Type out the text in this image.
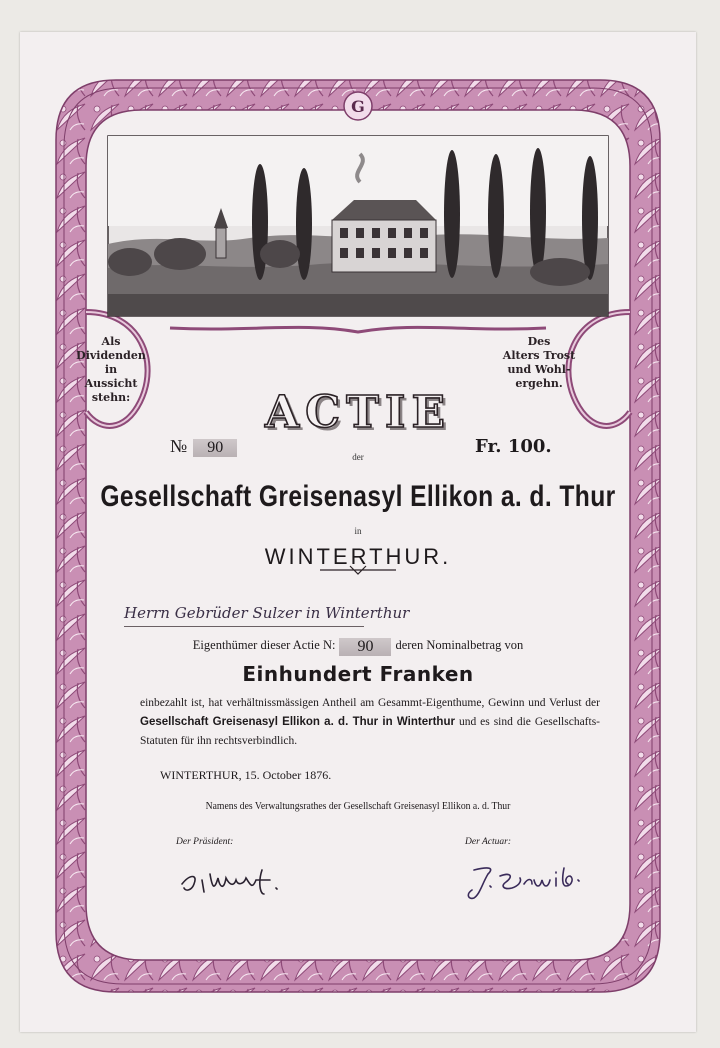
G
Als
Dividenden in
Aussicht
stehn:
Des
Alters Trost
und Wohl-
ergehn.
ACTIE
№ 90
der	Fr. 100.
Gesellschaft Greisenasyl Ellikon a. d. Thur
in
WINTERTHUR.
Herrn Gebrüder Sulzer in Winterthur
Eigenthümer dieser Actie N: 90 deren Nominalbetrag von
Einhundert Franken
einbezahlt ist, hat verhältnissmässigen Antheil am Gesammt-Eigenthume, Gewinn und Verlust der Gesellschaft Greisenasyl Ellikon a. d. Thur in Winterthur und es sind die Gesellschafts-Statuten für ihn rechtsverbindlich.
WINTERTHUR, 15. October 1876.
Namens des Verwaltungsrathes der Gesellschaft Greisenasyl Ellikon a. d. Thur
Der Präsident:	Der Actuar:
